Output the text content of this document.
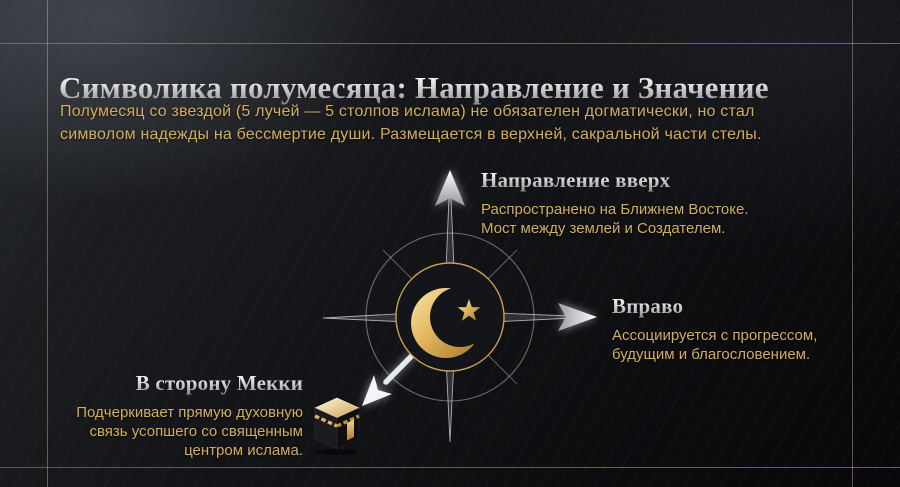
Символика полумесяца: Направление и Значение
Полумесяц со звездой (5 лучей — 5 столпов ислама) не обязателен догматически, но стал
символом надежды на бессмертие души. Размещается в верхней, сакральной части стелы.
Направление вверх
Распространено на Ближнем Востоке.
Мост между землей и Создателем.
Вправо
Ассоциируется с прогрессом,
будущим и благословением.
В сторону Мекки
Подчеркивает прямую духовную
связь усопшего со священным
центром ислама.
